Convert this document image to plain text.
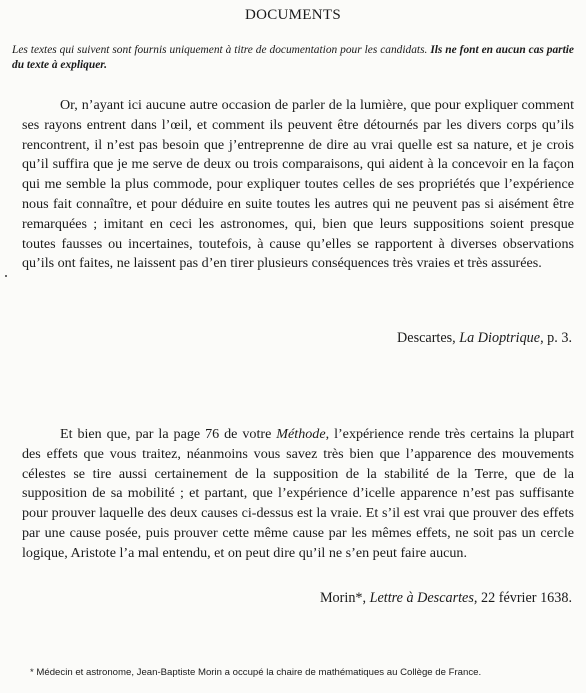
DOCUMENTS
Les textes qui suivent sont fournis uniquement à titre de documentation pour les candidats. Ils ne font en aucun cas partie du texte à expliquer.
Or, n’ayant ici aucune autre occasion de parler de la lumière, que pour expliquer comment ses rayons entrent dans l’œil, et comment ils peuvent être détournés par les divers corps qu’ils rencontrent, il n’est pas besoin que j’entreprenne de dire au vrai quelle est sa nature, et je crois qu’il suffira que je me serve de deux ou trois comparaisons, qui aident à la concevoir en la façon qui me semble la plus commode, pour expliquer toutes celles de ses propriétés que l’expérience nous fait connaître, et pour déduire en suite toutes les autres qui ne peuvent pas si aisément être remarquées ; imitant en ceci les astronomes, qui, bien que leurs suppositions soient presque toutes fausses ou incertaines, toutefois, à cause qu’elles se rapportent à diverses observations qu’ils ont faites, ne laissent pas d’en tirer plusieurs conséquences très vraies et très assurées.
Descartes, La Dioptrique, p. 3.
Et bien que, par la page 76 de votre Méthode, l’expérience rende très certains la plupart des effets que vous traitez, néanmoins vous savez très bien que l’apparence des mouvements célestes se tire aussi certainement de la supposition de la stabilité de la Terre, que de la supposition de sa mobilité ; et partant, que l’expérience d’icelle apparence n’est pas suffisante pour prouver laquelle des deux causes ci-dessus est la vraie. Et s’il est vrai que prouver des effets par une cause posée, puis prouver cette même cause par les mêmes effets, ne soit pas un cercle logique, Aristote l’a mal entendu, et on peut dire qu’il ne s’en peut faire aucun.
Morin*, Lettre à Descartes, 22 février 1638.
* Médecin et astronome, Jean-Baptiste Morin a occupé la chaire de mathématiques au Collège de France.
